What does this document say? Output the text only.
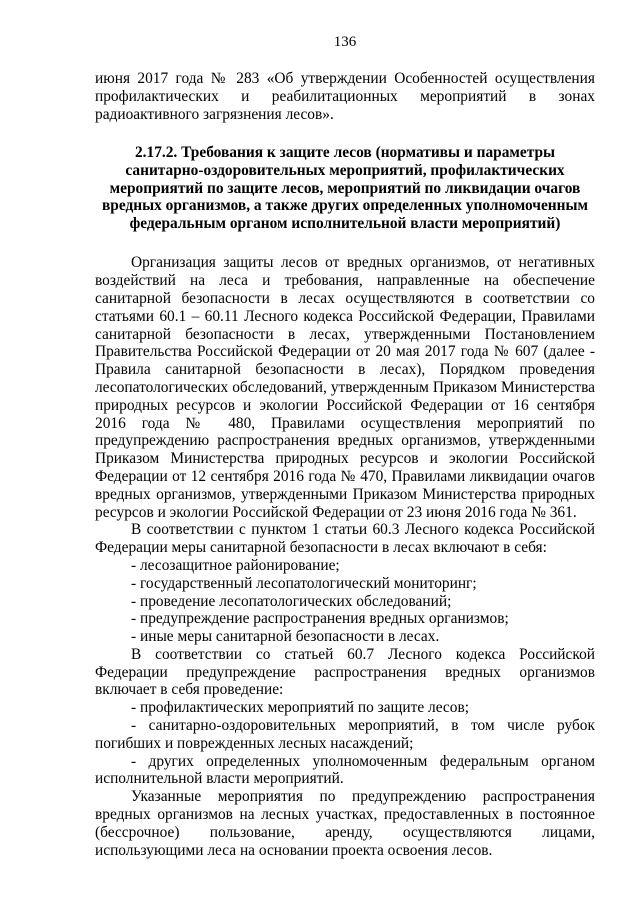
136

июня 2017 года № 283 «Об утверждении Особенностей осуществления профилактических и реабилитационных мероприятий в зонах радиоактивного загрязнения лесов».

2.17.2. Требования к защите лесов (нормативы и параметры санитарно-оздоровительных мероприятий, профилактических мероприятий по защите лесов, мероприятий по ликвидации очагов вредных организмов, а также других определенных уполномоченным федеральным органом исполнительной власти мероприятий)

Организация защиты лесов от вредных организмов, от негативных воздействий на леса и требования, направленные на обеспечение санитарной безопасности в лесах осуществляются в соответствии со статьями 60.1 – 60.11 Лесного кодекса Российской Федерации, Правилами санитарной безопасности в лесах, утвержденными Постановлением Правительства Российской Федерации от 20 мая 2017 года № 607 (далее - Правила санитарной безопасности в лесах), Порядком проведения лесопатологических обследований, утвержденным Приказом Министерства природных ресурсов и экологии Российской Федерации от 16 сентября 2016 года № 480, Правилами осуществления мероприятий по предупреждению распространения вредных организмов, утвержденными Приказом Министерства природных ресурсов и экологии Российской Федерации от 12 сентября 2016 года № 470, Правилами ликвидации очагов вредных организмов, утвержденными Приказом Министерства природных ресурсов и экологии Российской Федерации от 23 июня 2016 года № 361.

В соответствии с пунктом 1 статьи 60.3 Лесного кодекса Российской Федерации меры санитарной безопасности в лесах включают в себя:

- лесозащитное районирование;

- государственный лесопатологический мониторинг;

- проведение лесопатологических обследований;

- предупреждение распространения вредных организмов;

- иные меры санитарной безопасности в лесах.

В соответствии со статьей 60.7 Лесного кодекса Российской Федерации предупреждение распространения вредных организмов включает в себя проведение:

- профилактических мероприятий по защите лесов;

- санитарно-оздоровительных мероприятий, в том числе рубок погибших и поврежденных лесных насаждений;

- других определенных уполномоченным федеральным органом исполнительной власти мероприятий.

Указанные мероприятия по предупреждению распространения вредных организмов на лесных участках, предоставленных в постоянное (бессрочное) пользование, аренду, осуществляются лицами, использующими леса на основании проекта освоения лесов.
